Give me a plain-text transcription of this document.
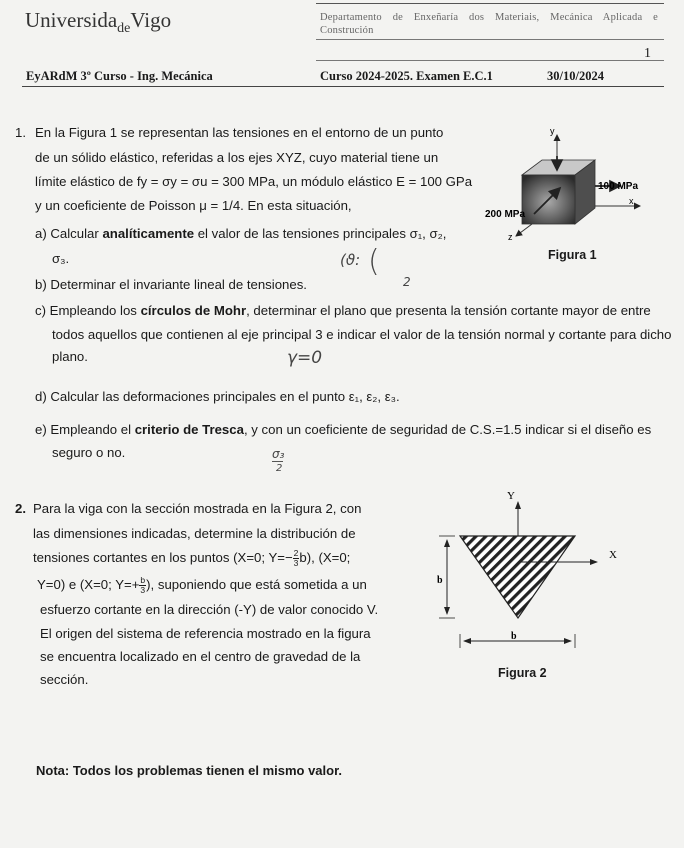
Universida$_{de}$Vigo	Departamento de Enxeñaría dos Materiais, Mecánica Aplicada e Construción
1
EyARdM 3º Curso - Ing. Mecánica	Curso 2024-2025. Examen E.C.1	30/10/2024
1. En la Figura 1 se representan las tensiones en el entorno de un punto
de un sólido elástico, referidas a los ejes XYZ, cuyo material tiene un
límite elástico de fy = σy = σu = 300 MPa, un módulo elástico E = 100 GPa
y un coeficiente de Poisson μ = 1/4. En esta situación,
a) Calcular analíticamente el valor de las tensiones principales σ₁, σ₂,
σ₃.
b) Determinar el invariante lineal de tensiones.
c) Empleando los círculos de Mohr, determinar el plano que presenta la tensión cortante mayor de entre
todos aquellos que contienen al eje principal 3 e indicar el valor de la tensión normal y cortante para dicho
plano.
d) Calcular las deformaciones principales en el punto ε₁, ε₂, ε₃.
e) Empleando el criterio de Tresca, y con un coeficiente de seguridad de C.S.=1.5 indicar si el diseño es
seguro o no.
(ϑ: (
2
γ=0
σ₃
2
y
x
z
100 MPa
200 MPa
Figura 1
2. Para la viga con la sección mostrada en la Figura 2, con
las dimensiones indicadas, determine la distribución de
tensiones cortantes en los puntos (X=0; $Y=- \frac{2}{3} b$), (X=0;
Y=0) e (X=0; $Y=+ \frac{b}{3}$ ), suponiendo que está sometida a un
esfuerzo cortante en la dirección (-Y) de valor conocido V.
El origen del sistema de referencia mostrado en la figura
se encuentra localizado en el centro de gravedad de la
sección.
Y
X
b
b
Figura 2
Nota: Todos los problemas tienen el mismo valor.
